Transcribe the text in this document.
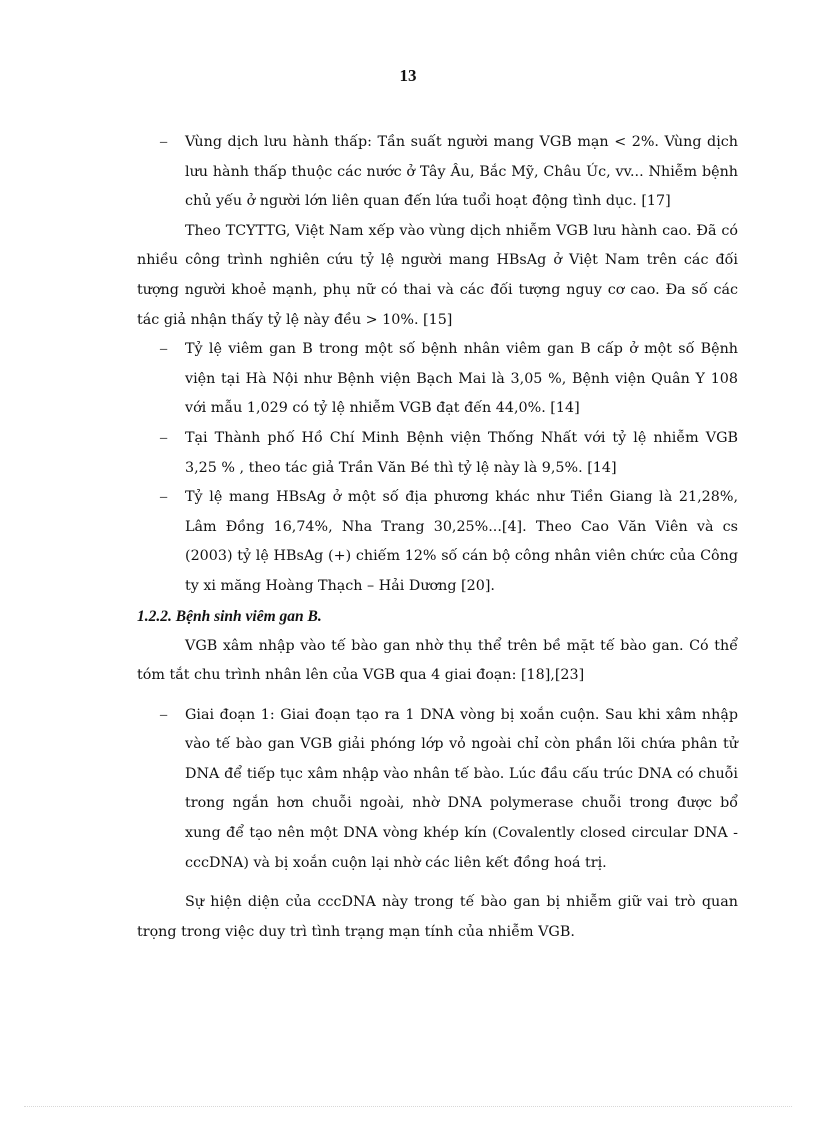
13

– Vùng dịch lưu hành thấp: Tần suất người mang VGB mạn < 2%. Vùng dịch lưu hành thấp thuộc các nước ở Tây Âu, Bắc Mỹ, Châu Úc, vv... Nhiễm bệnh chủ yếu ở người lớn liên quan đến lứa tuổi hoạt động tình dục. [17]

Theo TCYTTG, Việt Nam xếp vào vùng dịch nhiễm VGB lưu hành cao. Đã có nhiều công trình nghiên cứu tỷ lệ người mang HBsAg ở Việt Nam trên các đối tượng người khoẻ mạnh, phụ nữ có thai và các đối tượng nguy cơ cao. Đa số các tác giả nhận thấy tỷ lệ này đều > 10%. [15]

– Tỷ lệ viêm gan B trong một số bệnh nhân viêm gan B cấp ở một số Bệnh viện tại Hà Nội như Bệnh viện Bạch Mai là 3,05 %, Bệnh viện Quân Y 108 với mẫu 1,029 có tỷ lệ nhiễm VGB đạt đến 44,0%. [14]

– Tại Thành phố Hồ Chí Minh Bệnh viện Thống Nhất với tỷ lệ nhiễm VGB 3,25 % , theo tác giả Trần Văn Bé thì tỷ lệ này là 9,5%. [14]

– Tỷ lệ mang HBsAg ở một số địa phương khác như Tiền Giang là 21,28%, Lâm Đồng 16,74%, Nha Trang 30,25%...[4]. Theo Cao Văn Viên và cs (2003) tỷ lệ HBsAg (+) chiếm 12% số cán bộ công nhân viên chức của Công ty xi măng Hoàng Thạch – Hải Dương [20].

1.2.2. Bệnh sinh viêm gan B.

VGB xâm nhập vào tế bào gan nhờ thụ thể trên bề mặt tế bào gan. Có thể tóm tắt chu trình nhân lên của VGB qua 4 giai đoạn: [18],[23]

– Giai đoạn 1: Giai đoạn tạo ra 1 DNA vòng bị xoắn cuộn. Sau khi xâm nhập vào tế bào gan VGB giải phóng lớp vỏ ngoài chỉ còn phần lõi chứa phân tử DNA để tiếp tục xâm nhập vào nhân tế bào. Lúc đầu cấu trúc DNA có chuỗi trong ngắn hơn chuỗi ngoài, nhờ DNA polymerase chuỗi trong được bổ xung để tạo nên một DNA vòng khép kín (Covalently closed circular DNA - cccDNA) và bị xoắn cuộn lại nhờ các liên kết đồng hoá trị.

Sự hiện diện của cccDNA này trong tế bào gan bị nhiễm giữ vai trò quan trọng trong việc duy trì tình trạng mạn tính của nhiễm VGB.
